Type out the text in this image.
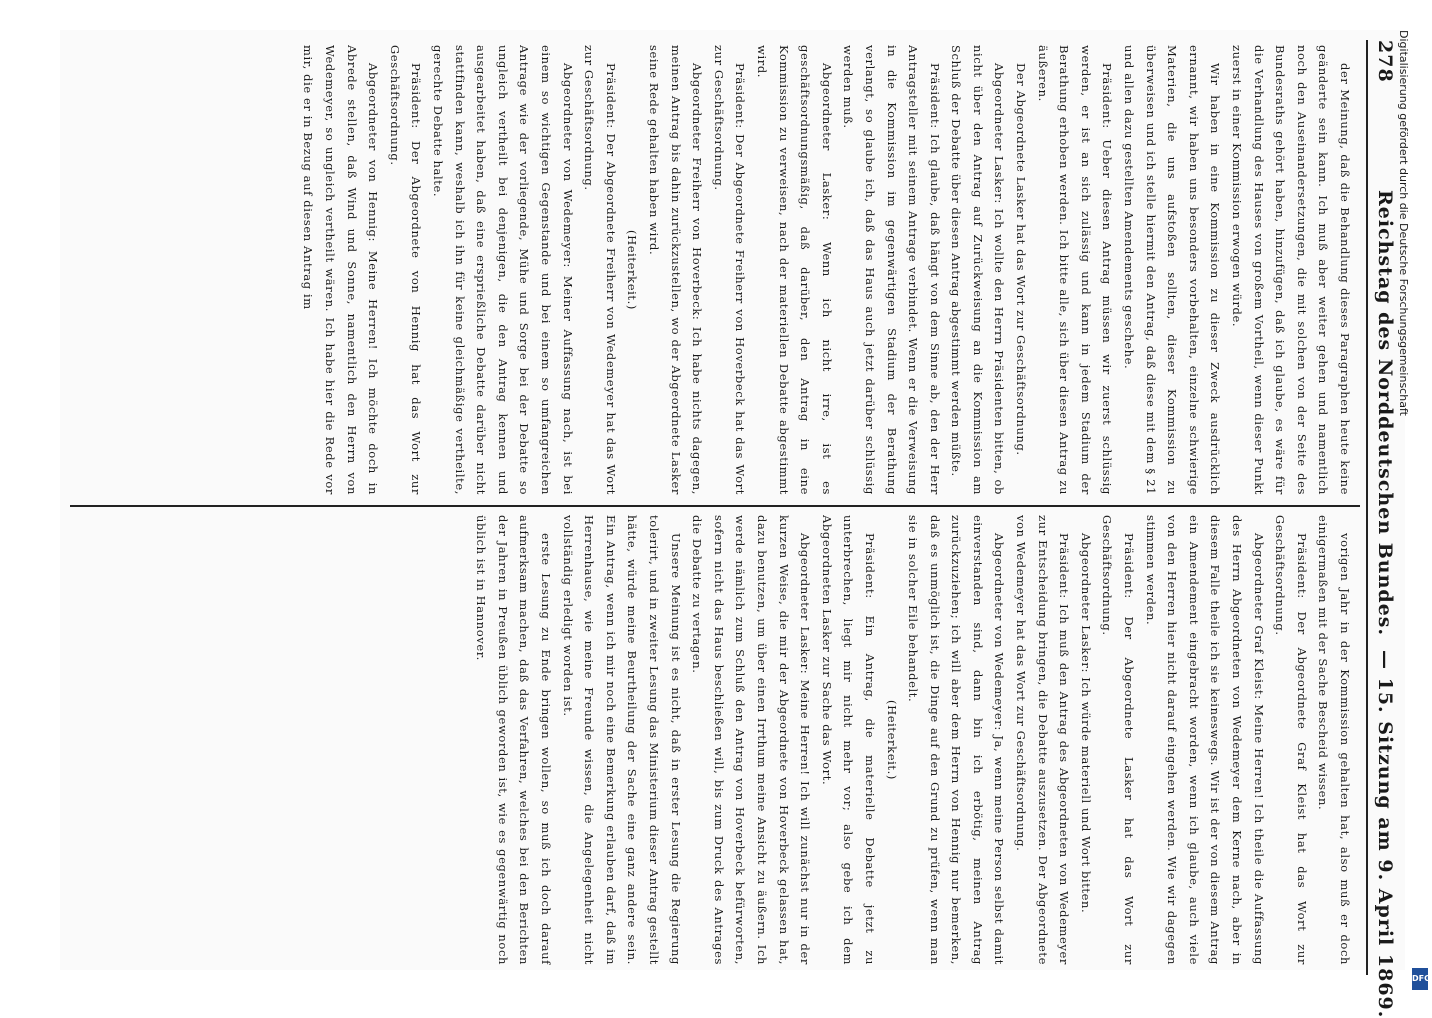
278
Reichstag des Norddeutschen Bundes.
— 15. Sitzung am 9. April 1869.

der Meinung, daß die Behandlung dieses Paragraphen heute keine geänderte sein kann. Ich muß aber weiter gehen und namentlich noch den Auseinandersetzungen, die mit solchen von der Seite des Bundesraths gehört haben, hinzufügen, daß ich glaube, es wäre für die Verhandlung des Hauses von großem Vortheil, wenn dieser Punkt zuerst in einer Kommission erwogen würde.

Wir haben in eine Kommission zu dieser Zweck ausdrücklich ernannt, wir haben uns besonders vorbehalten, einzelne schwierige Materien, die uns aufstoßen sollten, dieser Kommission zu überweisen und ich stelle hiermit den Antrag, daß diese mit dem § 21 und allen dazu gestellten Amendements geschehe.

Präsident: Ueber diesen Antrag müssen wir zuerst schlüssig werden, er ist an sich zulässig und kann in jedem Stadium der Berathung erhoben werden. Ich bitte alle, sich über diesen Antrag zu äußeren.

Der Abgeordnete Lasker hat das Wort zur Geschäftsordnung.

Abgeordneter Lasker: Ich wollte den Herrn Präsidenten bitten, ob nicht über den Antrag auf Zurückweisung an die Kommission am Schluß der Debatte über diesen Antrag abgestimmt werden müßte.

Präsident: Ich glaube, daß hängt von dem Sinne ab, den der Herr Antragsteller mit seinem Antrage verbindet. Wenn er die Verweisung in die Kommission im gegenwärtigen Stadium der Berathung verlangt, so glaube ich, daß das Haus auch jetzt darüber schlüssig werden muß.

Abgeordneter Lasker: Wenn ich nicht irre, ist es geschäftsordnungsmäßig, daß darüber, den Antrag in eine Kommission zu verweisen, nach der materiellen Debatte abgestimmt wird.

Präsident: Der Abgeordnete Freiherr von Hoverbeck hat das Wort zur Geschäftsordnung.

Abgeordneter Freiherr von Hoverbeck: Ich habe nichts dagegen, meinen Antrag bis dahin zurückzustellen, wo der Abgeordnete Lasker seine Rede gehalten haben wird.

(Heiterkeit.)

Präsident: Der Abgeordnete Freiherr von Wedemeyer hat das Wort zur Geschäftsordnung.

Abgeordneter von Wedemeyer: Meiner Auffassung nach, ist bei einem so wichtigen Gegenstande und bei einem so umfangreichen Antrage wie der vorliegende, Mühe und Sorge bei der Debatte so ungleich vertheilt bei denjenigen, die den Antrag kennen und ausgearbeitet haben, daß eine ersprießliche Debatte darüber nicht stattfinden kann, weshalb ich ihn für keine gleichmäßige vertheilte, gerechte Debatte halte.

Präsident: Der Abgeordnete von Hennig hat das Wort zur Geschäftsordnung.

Abgeordneter von Hennig: Meine Herren! Ich möchte doch in Abrede stellen, daß Wind und Sonne, namentlich den Herrn von Wedemeyer, so ungleich vertheilt wären. Ich habe hier die Rede vor mir, die er in Bezug auf diesen Antrag im

vorigen Jahr in der Kommission gehalten hat, also muß er doch einigermaßen mit der Sache Bescheid wissen.

Präsident: Der Abgeordnete Graf Kleist hat das Wort zur Geschäftsordnung.

Abgeordneter Graf Kleist: Meine Herren! Ich theile die Auffassung des Herrn Abgeordneten von Wedemeyer dem Kerne nach, aber in diesem Falle theile ich sie keineswegs. Wir ist der von diesem Antrag ein Amendement eingebracht worden, wenn ich glaube, auch viele von den Herren hier nicht darauf eingehen werden. Wie wir dagegen stimmen werden.

Präsident: Der Abgeordnete Lasker hat das Wort zur Geschäftsordnung.

Abgeordneter Lasker: Ich würde materiell und Wort bitten.

Präsident: Ich muß den Antrag des Abgeordneten von Wedemeyer zur Entscheidung bringen, die Debatte auszusetzen. Der Abgeordnete von Wedemeyer hat das Wort zur Geschäftsordnung.

Abgeordneter von Wedemeyer: Ja, wenn meine Person selbst damit einverstanden sind, dann bin ich erbötig, meinen Antrag zurückzuziehen; ich will aber dem Herrn von Hennig nur bemerken, daß es unmöglich ist, die Dinge auf den Grund zu prüfen, wenn man sie in solcher Eile behandelt.

(Heiterkeit.)

Präsident: Ein Antrag, die materielle Debatte jetzt zu unterbrechen, liegt mir nicht mehr vor; also gebe ich dem Abgeordneten Lasker zur Sache das Wort.

Abgeordneter Lasker: Meine Herren! Ich will zunächst nur in der kurzen Weise, die mir der Abgeordnete von Hoverbeck gelassen hat, dazu benutzen, um über einen Irrthum meine Ansicht zu äußern. Ich werde nämlich zum Schluß den Antrag von Hoverbeck befürworten, sofern nicht das Haus beschließen will, bis zum Druck des Antrages die Debatte zu vertagen.

Unsere Meinung ist es nicht, daß in erster Lesung die Regierung tolerirt, und in zweiter Lesung das Ministerium dieser Antrag gestellt hätte, würde meine Beurtheilung der Sache eine ganz andere sein. Ein Antrag, wenn ich mir noch eine Bemerkung erlauben darf, daß im Herrenhause, wie meine Freunde wissen, die Angelegenheit nicht vollständig erledigt worden ist.

erste Lesung zu Ende bringen wollen, so muß ich doch darauf aufmerksam machen, daß das Verfahren, welches bei den Berichten der Jahren in Preußen üblich geworden ist, wie es gegenwärtig noch üblich ist in Hannover.

Digitalisierung gefördert durch die Deutsche Forschungsgemeinschaft
DFG
